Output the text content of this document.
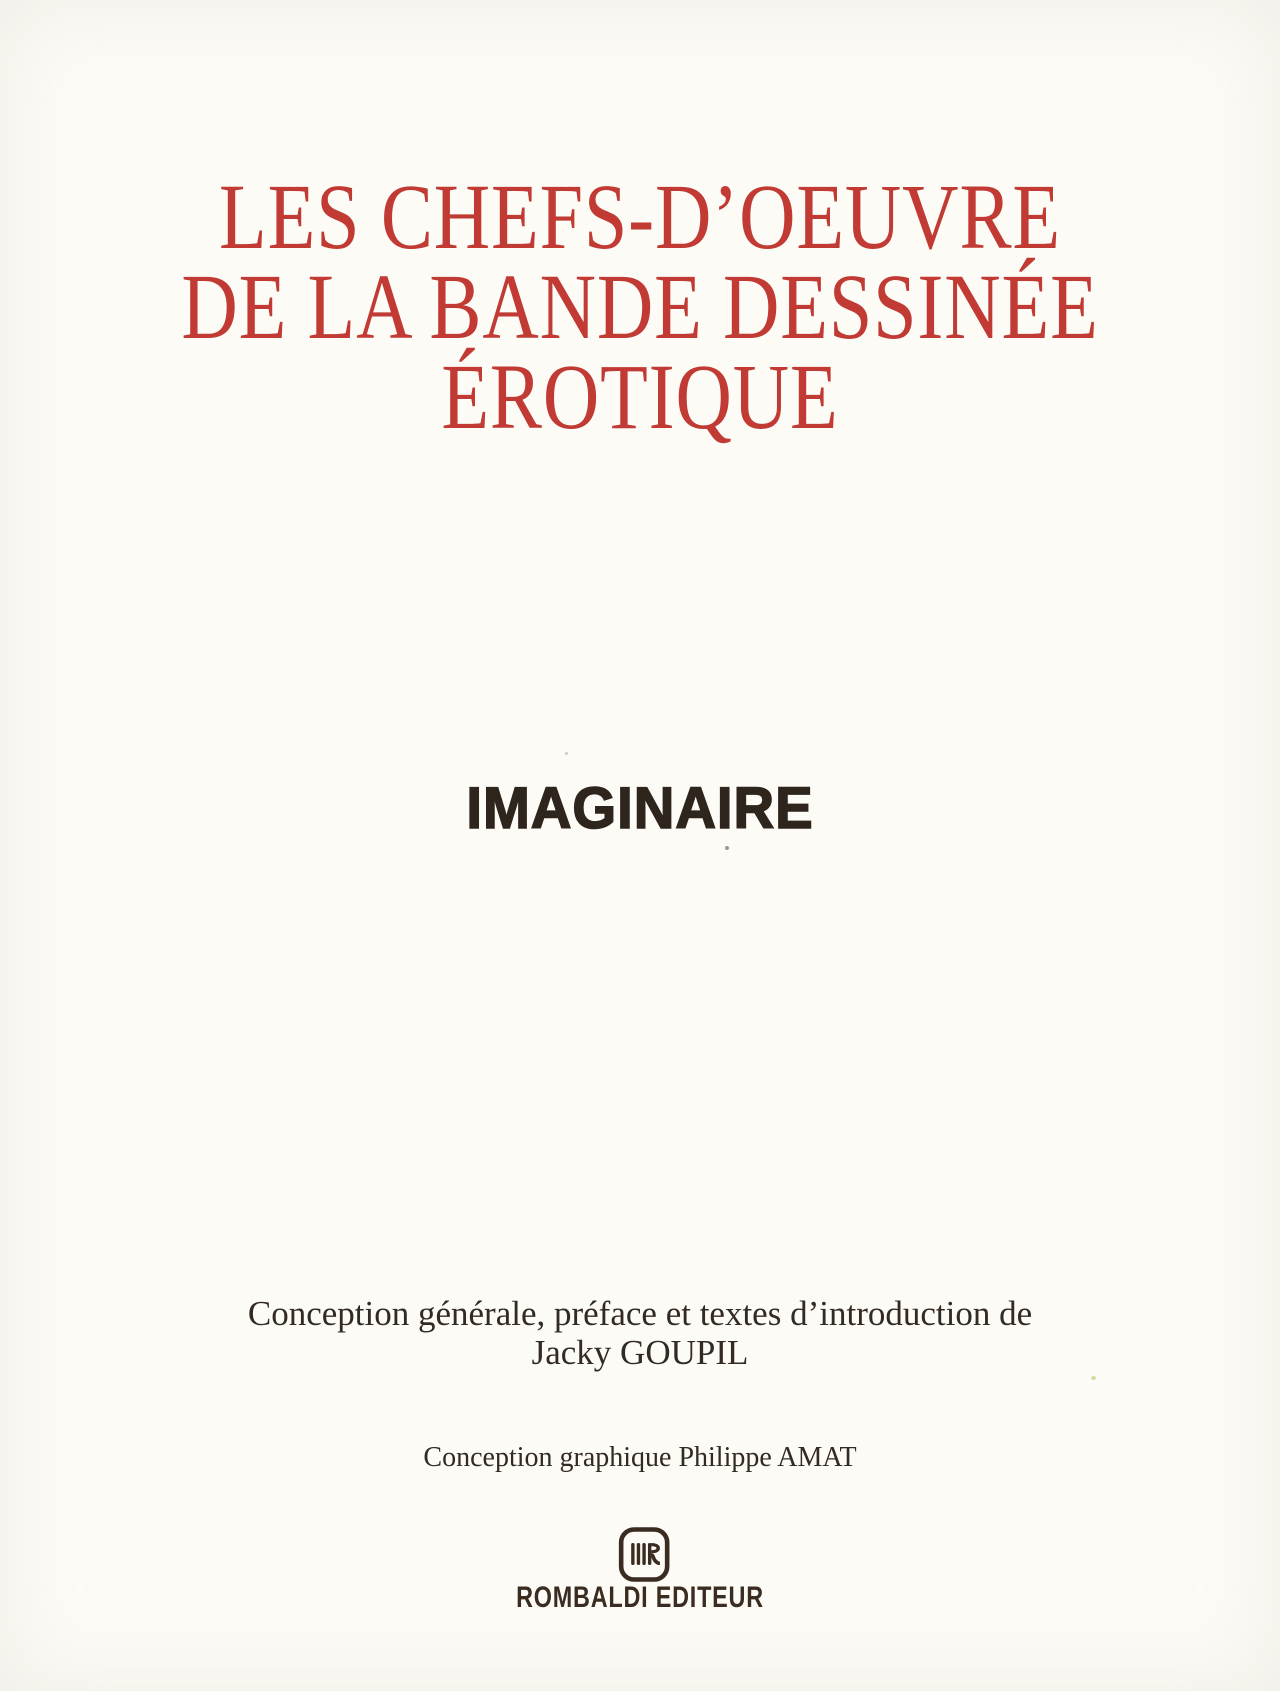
LES CHEFS-D’OEUVRE
DE LA BANDE DESSINÉE
ÉROTIQUE
IMAGINAIRE
Conception générale, préface et textes d’introduction de
Jacky GOUPIL
Conception graphique Philippe AMAT
ROMBALDI EDITEUR
